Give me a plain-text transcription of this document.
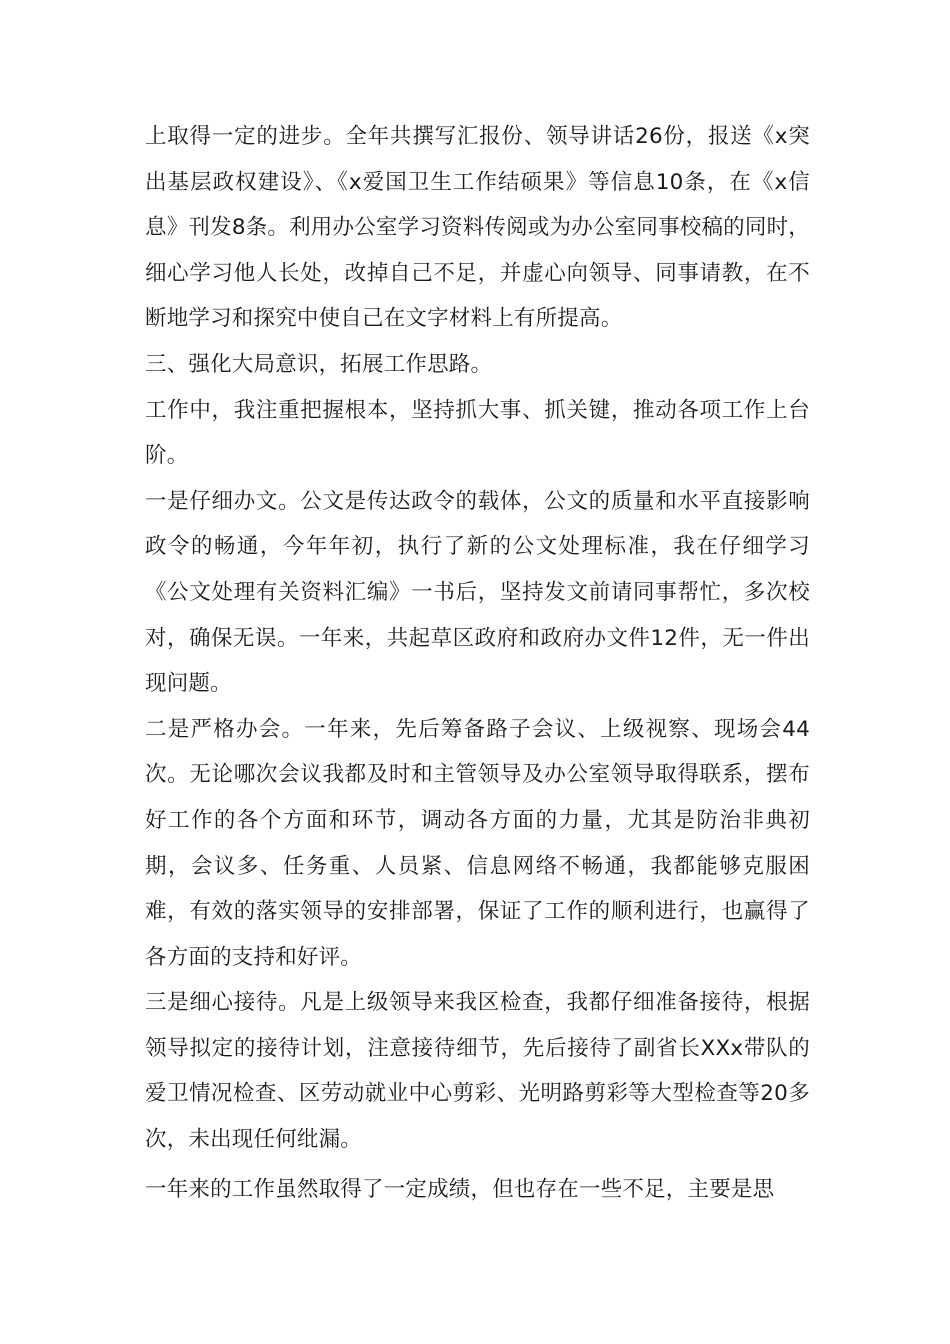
上取得一定的进步。全年共撰写汇报份、领导讲话26份，报送《x突出基层政权建设》、《x爱国卫生工作结硕果》等信息10条，在《x信息》刊发8条。利用办公室学习资料传阅或为办公室同事校稿的同时，细心学习他人长处，改掉自己不足，并虚心向领导、同事请教，在不断地学习和探究中使自己在文字材料上有所提高。

三、强化大局意识，拓展工作思路。

工作中，我注重把握根本，坚持抓大事、抓关键，推动各项工作上台阶。

一是仔细办文。公文是传达政令的载体，公文的质量和水平直接影响政令的畅通，今年年初，执行了新的公文处理标准，我在仔细学习《公文处理有关资料汇编》一书后，坚持发文前请同事帮忙，多次校对，确保无误。一年来，共起草区政府和政府办文件12件，无一件出现问题。

二是严格办会。一年来，先后筹备路子会议、上级视察、现场会44次。无论哪次会议我都及时和主管领导及办公室领导取得联系，摆布好工作的各个方面和环节，调动各方面的力量，尤其是防治非典初期，会议多、任务重、人员紧、信息网络不畅通，我都能够克服困难，有效的落实领导的安排部署，保证了工作的顺利进行，也赢得了各方面的支持和好评。

三是细心接待。凡是上级领导来我区检查，我都仔细准备接待，根据领导拟定的接待计划，注意接待细节，先后接待了副省长XXx带队的爱卫情况检查、区劳动就业中心剪彩、光明路剪彩等大型检查等20多次，未出现任何纰漏。

一年来的工作虽然取得了一定成绩，但也存在一些不足，主要是思
